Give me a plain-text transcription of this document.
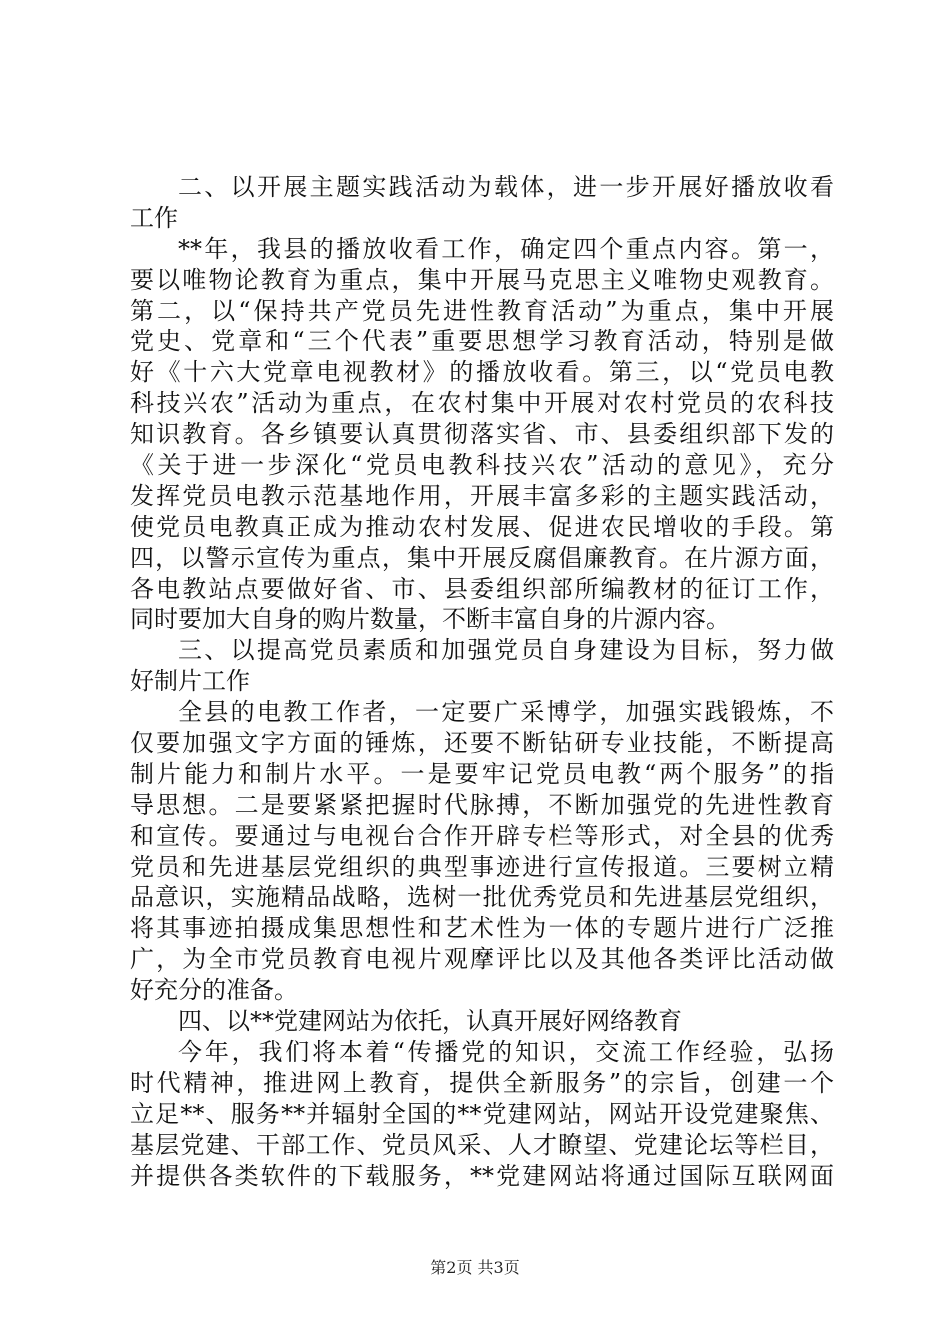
二、以开展主题实践活动为载体，进一步开展好播放收看
工作
**年，我县的播放收看工作，确定四个重点内容。第一，
要以唯物论教育为重点，集中开展马克思主义唯物史观教育。
第二，以“保持共产党员先进性教育活动”为重点，集中开展
党史、党章和“三个代表”重要思想学习教育活动，特别是做
好《十六大党章电视教材》的播放收看。第三，以“党员电教
科技兴农”活动为重点，在农村集中开展对农村党员的农科技
知识教育。各乡镇要认真贯彻落实省、市、县委组织部下发的
《关于进一步深化“党员电教科技兴农”活动的意见》，充分
发挥党员电教示范基地作用，开展丰富多彩的主题实践活动，
使党员电教真正成为推动农村发展、促进农民增收的手段。第
四，以警示宣传为重点，集中开展反腐倡廉教育。在片源方面，
各电教站点要做好省、市、县委组织部所编教材的征订工作，
同时要加大自身的购片数量，不断丰富自身的片源内容。
三、以提高党员素质和加强党员自身建设为目标，努力做
好制片工作
全县的电教工作者，一定要广采博学，加强实践锻炼，不
仅要加强文字方面的锤炼，还要不断钻研专业技能，不断提高
制片能力和制片水平。一是要牢记党员电教“两个服务”的指
导思想。二是要紧紧把握时代脉搏，不断加强党的先进性教育
和宣传。要通过与电视台合作开辟专栏等形式，对全县的优秀
党员和先进基层党组织的典型事迹进行宣传报道。三要树立精
品意识，实施精品战略，选树一批优秀党员和先进基层党组织，
将其事迹拍摄成集思想性和艺术性为一体的专题片进行广泛推
广，为全市党员教育电视片观摩评比以及其他各类评比活动做
好充分的准备。
四、以**党建网站为依托，认真开展好网络教育
今年，我们将本着“传播党的知识，交流工作经验，弘扬
时代精神，推进网上教育，提供全新服务”的宗旨，创建一个
立足**、服务**并辐射全国的**党建网站，网站开设党建聚焦、
基层党建、干部工作、党员风采、人才瞭望、党建论坛等栏目，
并提供各类软件的下载服务，**党建网站将通过国际互联网面
第2页 共3页
